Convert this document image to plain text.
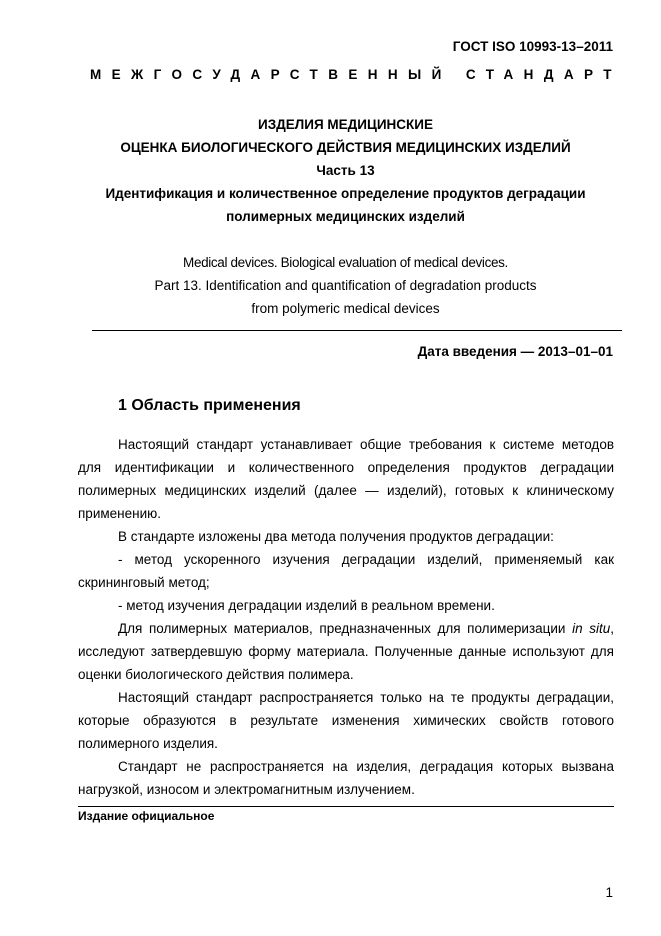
ГОСТ ISO 10993-13–2011
МЕЖГОСУДАРСТВЕННЫЙ СТАНДАРТ
ИЗДЕЛИЯ МЕДИЦИНСКИЕ
ОЦЕНКА БИОЛОГИЧЕСКОГО ДЕЙСТВИЯ МЕДИЦИНСКИХ ИЗДЕЛИЙ
Часть 13
Идентификация и количественное определение продуктов деградации
полимерных медицинских изделий
Medical devices. Biological evaluation of medical devices.
Part 13. Identification and quantification of degradation products
from polymeric medical devices
Дата введения — 2013–01–01
1 Область применения

Настоящий стандарт устанавливает общие требования к системе методов для идентификации и количественного определения продуктов деградации полимерных медицинских изделий (далее — изделий), готовых к клиническому применению.

В стандарте изложены два метода получения продуктов деградации:

- метод ускоренного изучения деградации изделий, применяемый как скрининговый метод;

- метод изучения деградации изделий в реальном времени.

Для полимерных материалов, предназначенных для полимеризации in situ, исследуют затвердевшую форму материала. Полученные данные используют для оценки биологического действия полимера.

Настоящий стандарт распространяется только на те продукты деградации, которые образуются в результате изменения химических свойств готового полимерного изделия.

Стандарт не распространяется на изделия, деградация которых вызвана нагрузкой, износом и электромагнитным излучением.

Издание официальное
1
